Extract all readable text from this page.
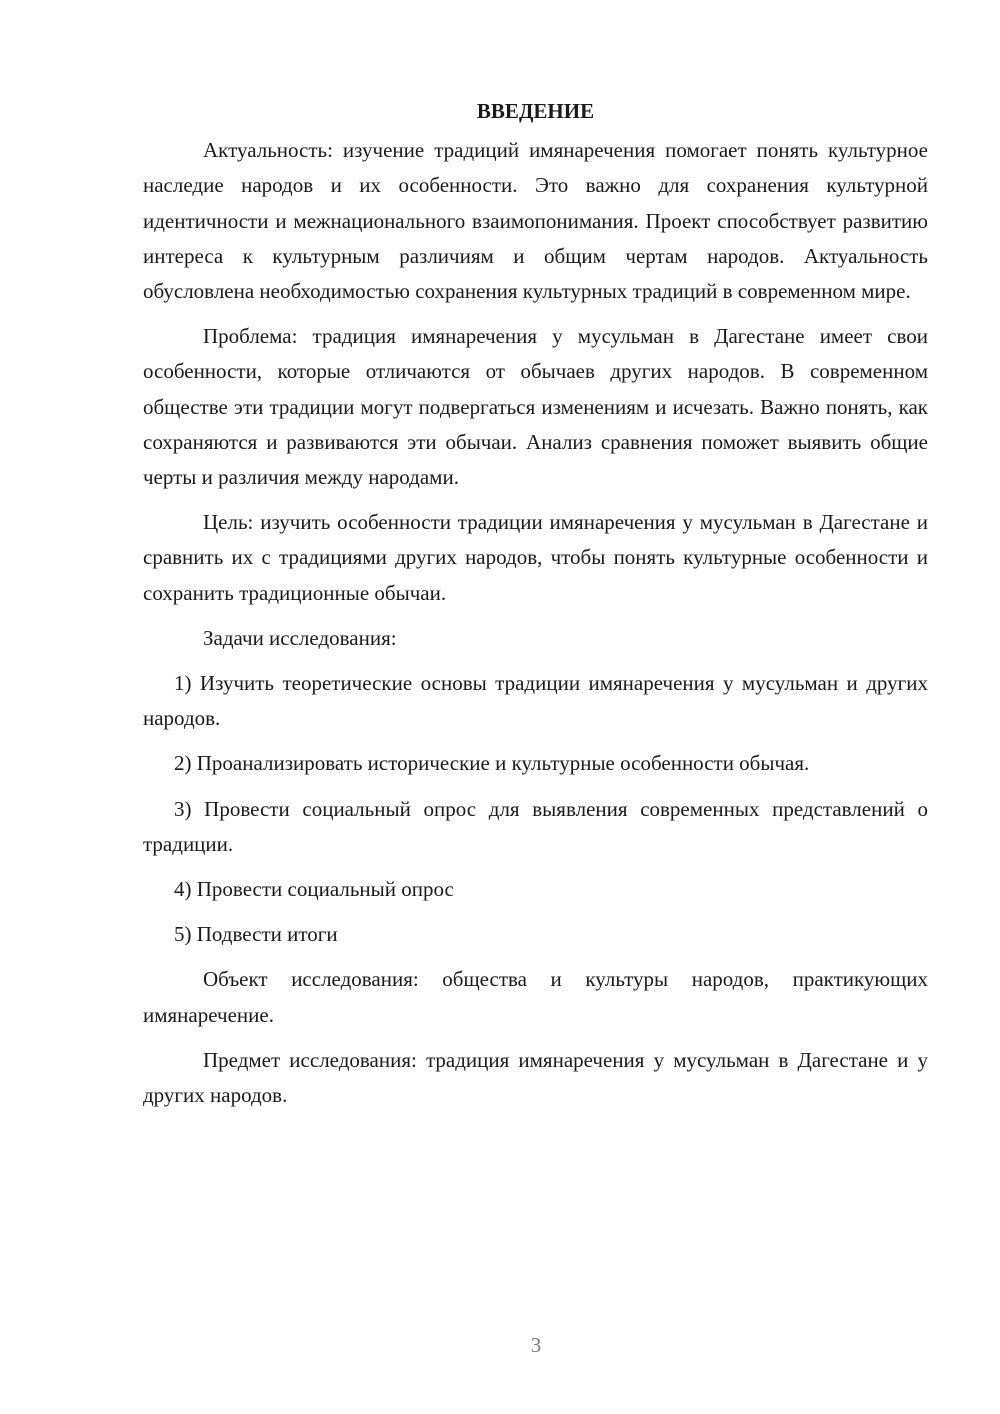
ВВЕДЕНИЕ

Актуальность: изучение традиций имянаречения помогает понять культурное наследие народов и их особенности. Это важно для сохранения культурной идентичности и межнационального взаимопонимания. Проект способствует развитию интереса к культурным различиям и общим чертам народов. Актуальность обусловлена необходимостью сохранения культурных традиций в современном мире.

Проблема: традиция имянаречения у мусульман в Дагестане имеет свои особенности, которые отличаются от обычаев других народов. В современном обществе эти традиции могут подвергаться изменениям и исчезать. Важно понять, как сохраняются и развиваются эти обычаи. Анализ сравнения поможет выявить общие черты и различия между народами.

Цель: изучить особенности традиции имянаречения у мусульман в Дагестане и сравнить их с традициями других народов, чтобы понять культурные особенности и сохранить традиционные обычаи.

Задачи исследования:

1) Изучить теоретические основы традиции имянаречения у мусульман и других народов.

2) Проанализировать исторические и культурные особенности обычая.

3) Провести социальный опрос для выявления современных представлений о традиции.

4) Провести социальный опрос

5) Подвести итоги

Объект исследования: общества и культуры народов, практикующих имянаречение.

Предмет исследования: традиция имянаречения у мусульман в Дагестане и у других народов.

3
